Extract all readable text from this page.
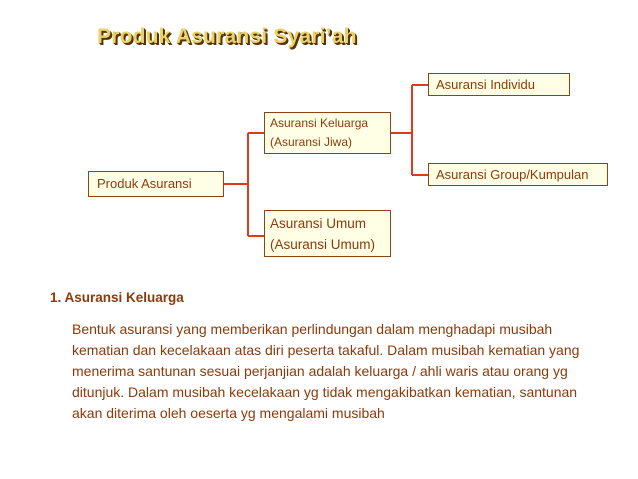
Produk Asuransi Syari’ah
Produk Asuransi
Asuransi Keluarga
(Asuransi Jiwa)
Asuransi Umum
(Asuransi Umum)
Asuransi Individu
Asuransi Group/Kumpulan
1. Asuransi Keluarga
Bentuk asuransi yang memberikan perlindungan dalam menghadapi musibah
kematian dan kecelakaan atas diri peserta takaful. Dalam musibah kematian yang
menerima santunan sesuai perjanjian adalah keluarga / ahli waris atau orang yg
ditunjuk. Dalam musibah kecelakaan yg tidak mengakibatkan kematian, santunan
akan diterima oleh oeserta yg mengalami musibah
